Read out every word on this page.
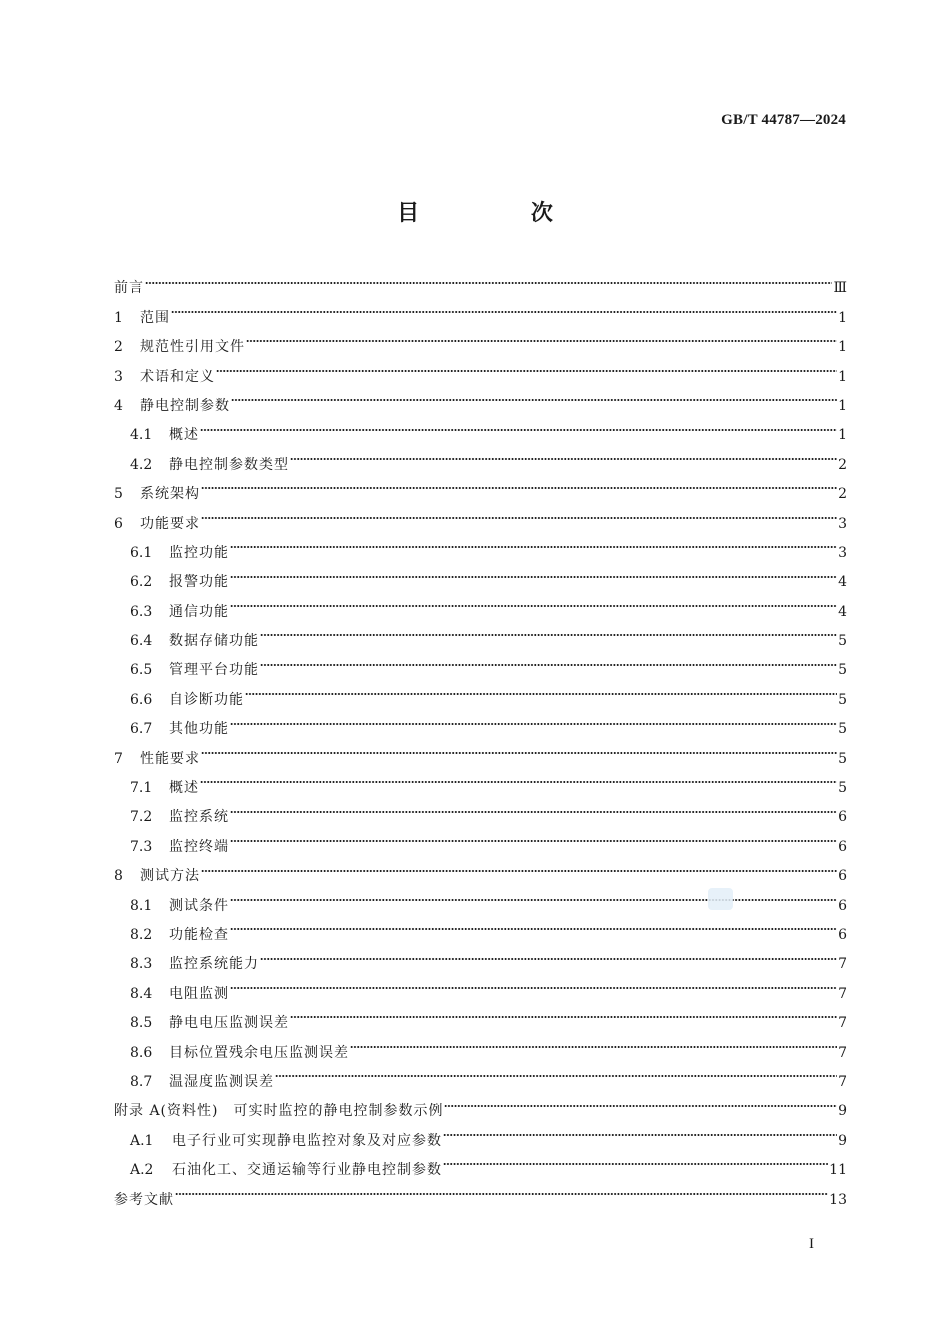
GB/T 44787—2024
目 次
前言	Ⅲ
1	范围	1
2	规范性引用文件	1
3	术语和定义	1
4	静电控制参数	1
4.1	概述	1
4.2	静电控制参数类型	2
5	系统架构	2
6	功能要求	3
6.1	监控功能	3
6.2	报警功能	4
6.3	通信功能	4
6.4	数据存储功能	5
6.5	管理平台功能	5
6.6	自诊断功能	5
6.7	其他功能	5
7	性能要求	5
7.1	概述	5
7.2	监控系统	6
7.3	监控终端	6
8	测试方法	6
8.1	测试条件	6
8.2	功能检查	6
8.3	监控系统能力	7
8.4	电阻监测	7
8.5	静电电压监测误差	7
8.6	目标位置残余电压监测误差	7
8.7	温湿度监测误差	7
附录 A(资料性)　可实时监控的静电控制参数示例	9
A.1	电子行业可实现静电监控对象及对应参数	9
A.2	石油化工、交通运输等行业静电控制参数	11
参考文献	13
I
